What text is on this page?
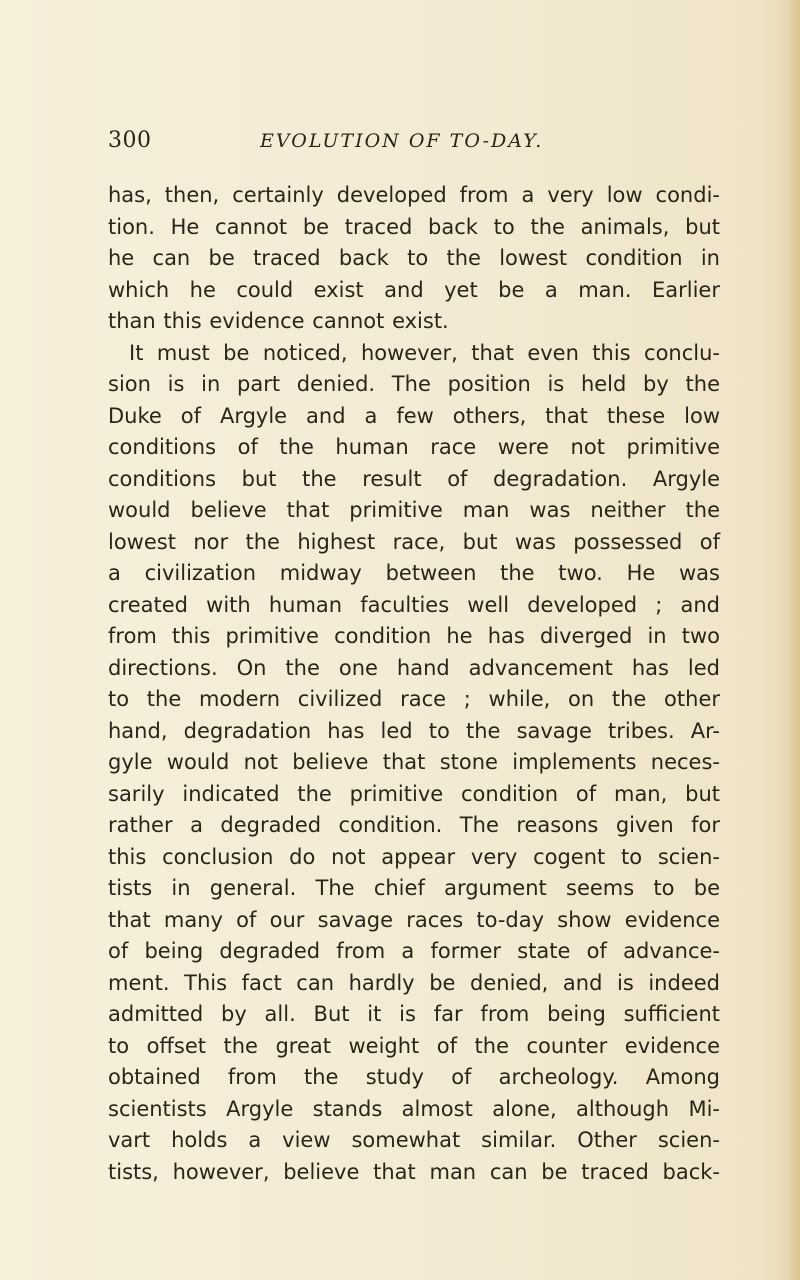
300	EVOLUTION OF TO-DAY.
has, then, certainly developed from a very low condi-
tion. He cannot be traced back to the animals, but
he can be traced back to the lowest condition in
which he could exist and yet be a man. Earlier
than this evidence cannot exist.
It must be noticed, however, that even this conclu-
sion is in part denied. The position is held by the
Duke of Argyle and a few others, that these low
conditions of the human race were not primitive
conditions but the result of degradation. Argyle
would believe that primitive man was neither the
lowest nor the highest race, but was possessed of
a civilization midway between the two. He was
created with human faculties well developed ; and
from this primitive condition he has diverged in two
directions. On the one hand advancement has led
to the modern civilized race ; while, on the other
hand, degradation has led to the savage tribes. Ar-
gyle would not believe that stone implements neces-
sarily indicated the primitive condition of man, but
rather a degraded condition. The reasons given for
this conclusion do not appear very cogent to scien-
tists in general. The chief argument seems to be
that many of our savage races to-day show evidence
of being degraded from a former state of advance-
ment. This fact can hardly be denied, and is indeed
admitted by all. But it is far from being sufficient
to offset the great weight of the counter evidence
obtained from the study of archeology. Among
scientists Argyle stands almost alone, although Mi-
vart holds a view somewhat similar. Other scien-
tists, however, believe that man can be traced back-
